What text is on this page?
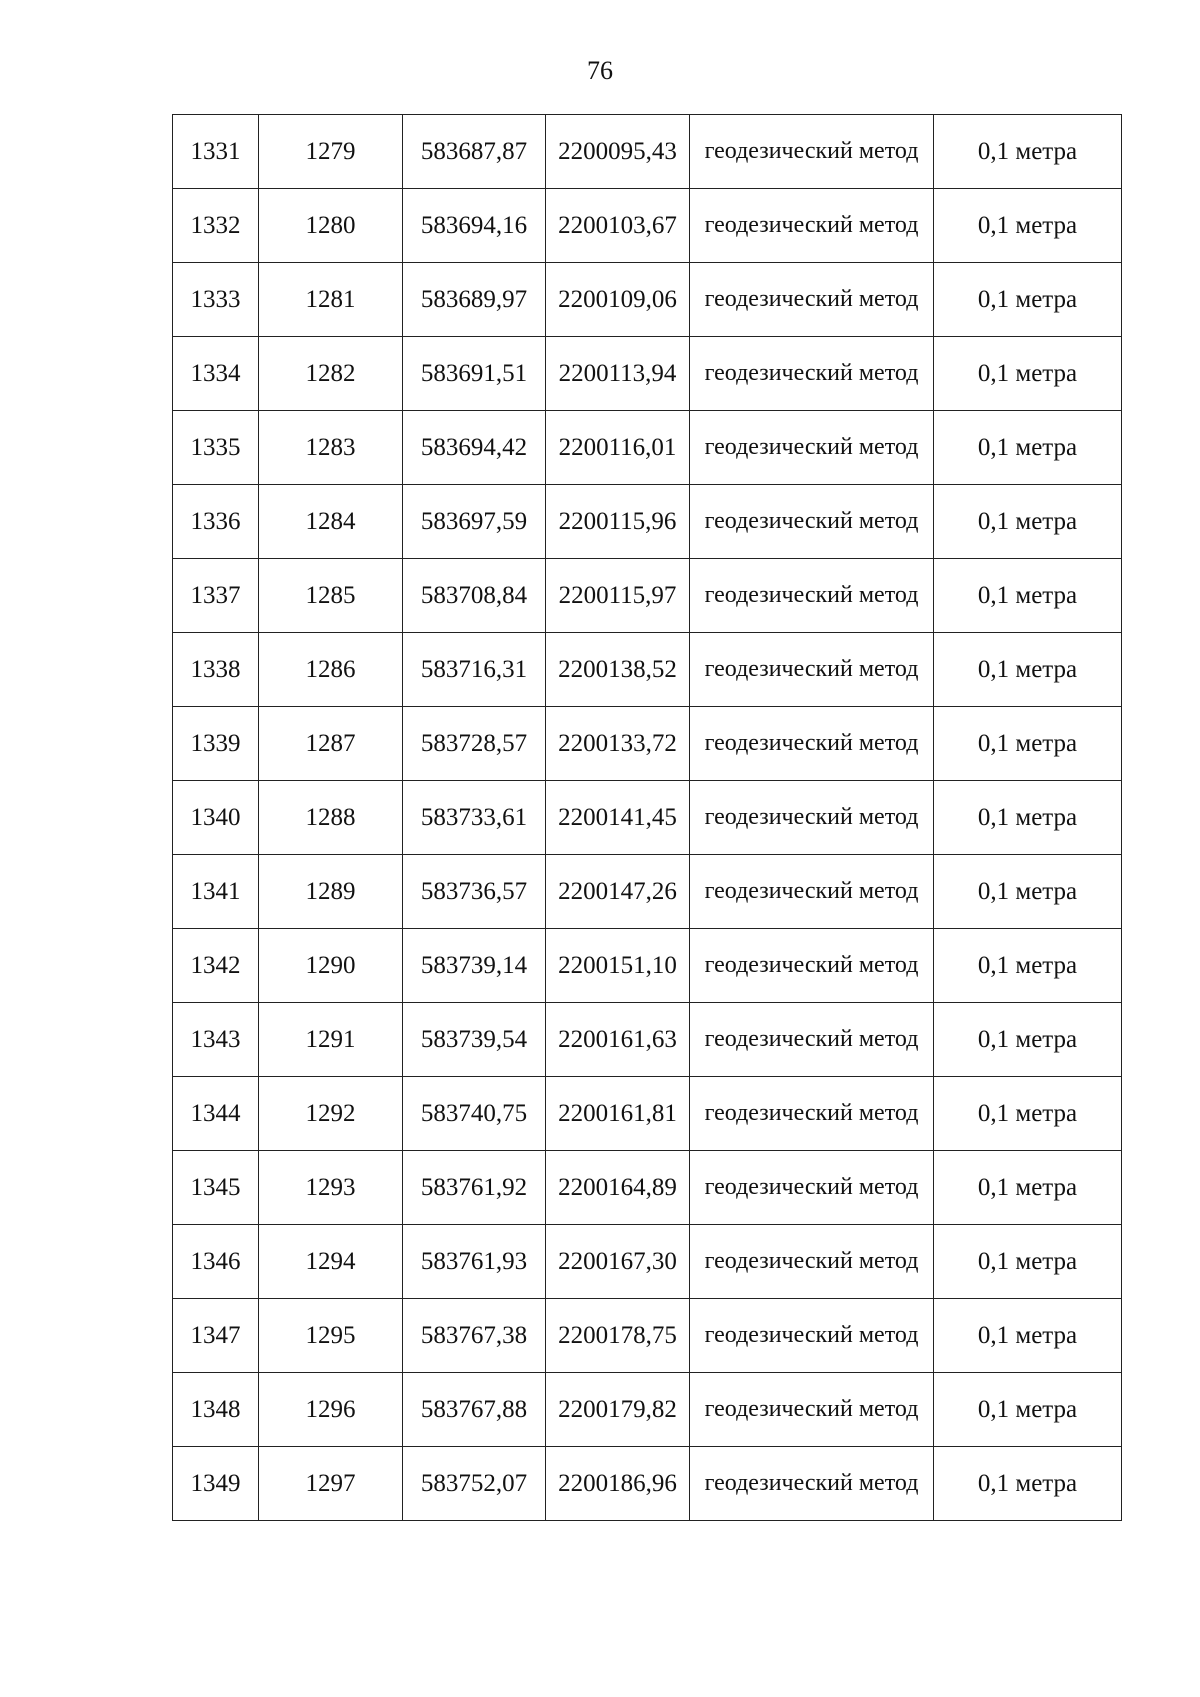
76
1331	1279	583687,87	2200095,43	геодезический метод	0,1 метра
1332	1280	583694,16	2200103,67	геодезический метод	0,1 метра
1333	1281	583689,97	2200109,06	геодезический метод	0,1 метра
1334	1282	583691,51	2200113,94	геодезический метод	0,1 метра
1335	1283	583694,42	2200116,01	геодезический метод	0,1 метра
1336	1284	583697,59	2200115,96	геодезический метод	0,1 метра
1337	1285	583708,84	2200115,97	геодезический метод	0,1 метра
1338	1286	583716,31	2200138,52	геодезический метод	0,1 метра
1339	1287	583728,57	2200133,72	геодезический метод	0,1 метра
1340	1288	583733,61	2200141,45	геодезический метод	0,1 метра
1341	1289	583736,57	2200147,26	геодезический метод	0,1 метра
1342	1290	583739,14	2200151,10	геодезический метод	0,1 метра
1343	1291	583739,54	2200161,63	геодезический метод	0,1 метра
1344	1292	583740,75	2200161,81	геодезический метод	0,1 метра
1345	1293	583761,92	2200164,89	геодезический метод	0,1 метра
1346	1294	583761,93	2200167,30	геодезический метод	0,1 метра
1347	1295	583767,38	2200178,75	геодезический метод	0,1 метра
1348	1296	583767,88	2200179,82	геодезический метод	0,1 метра
1349	1297	583752,07	2200186,96	геодезический метод	0,1 метра
